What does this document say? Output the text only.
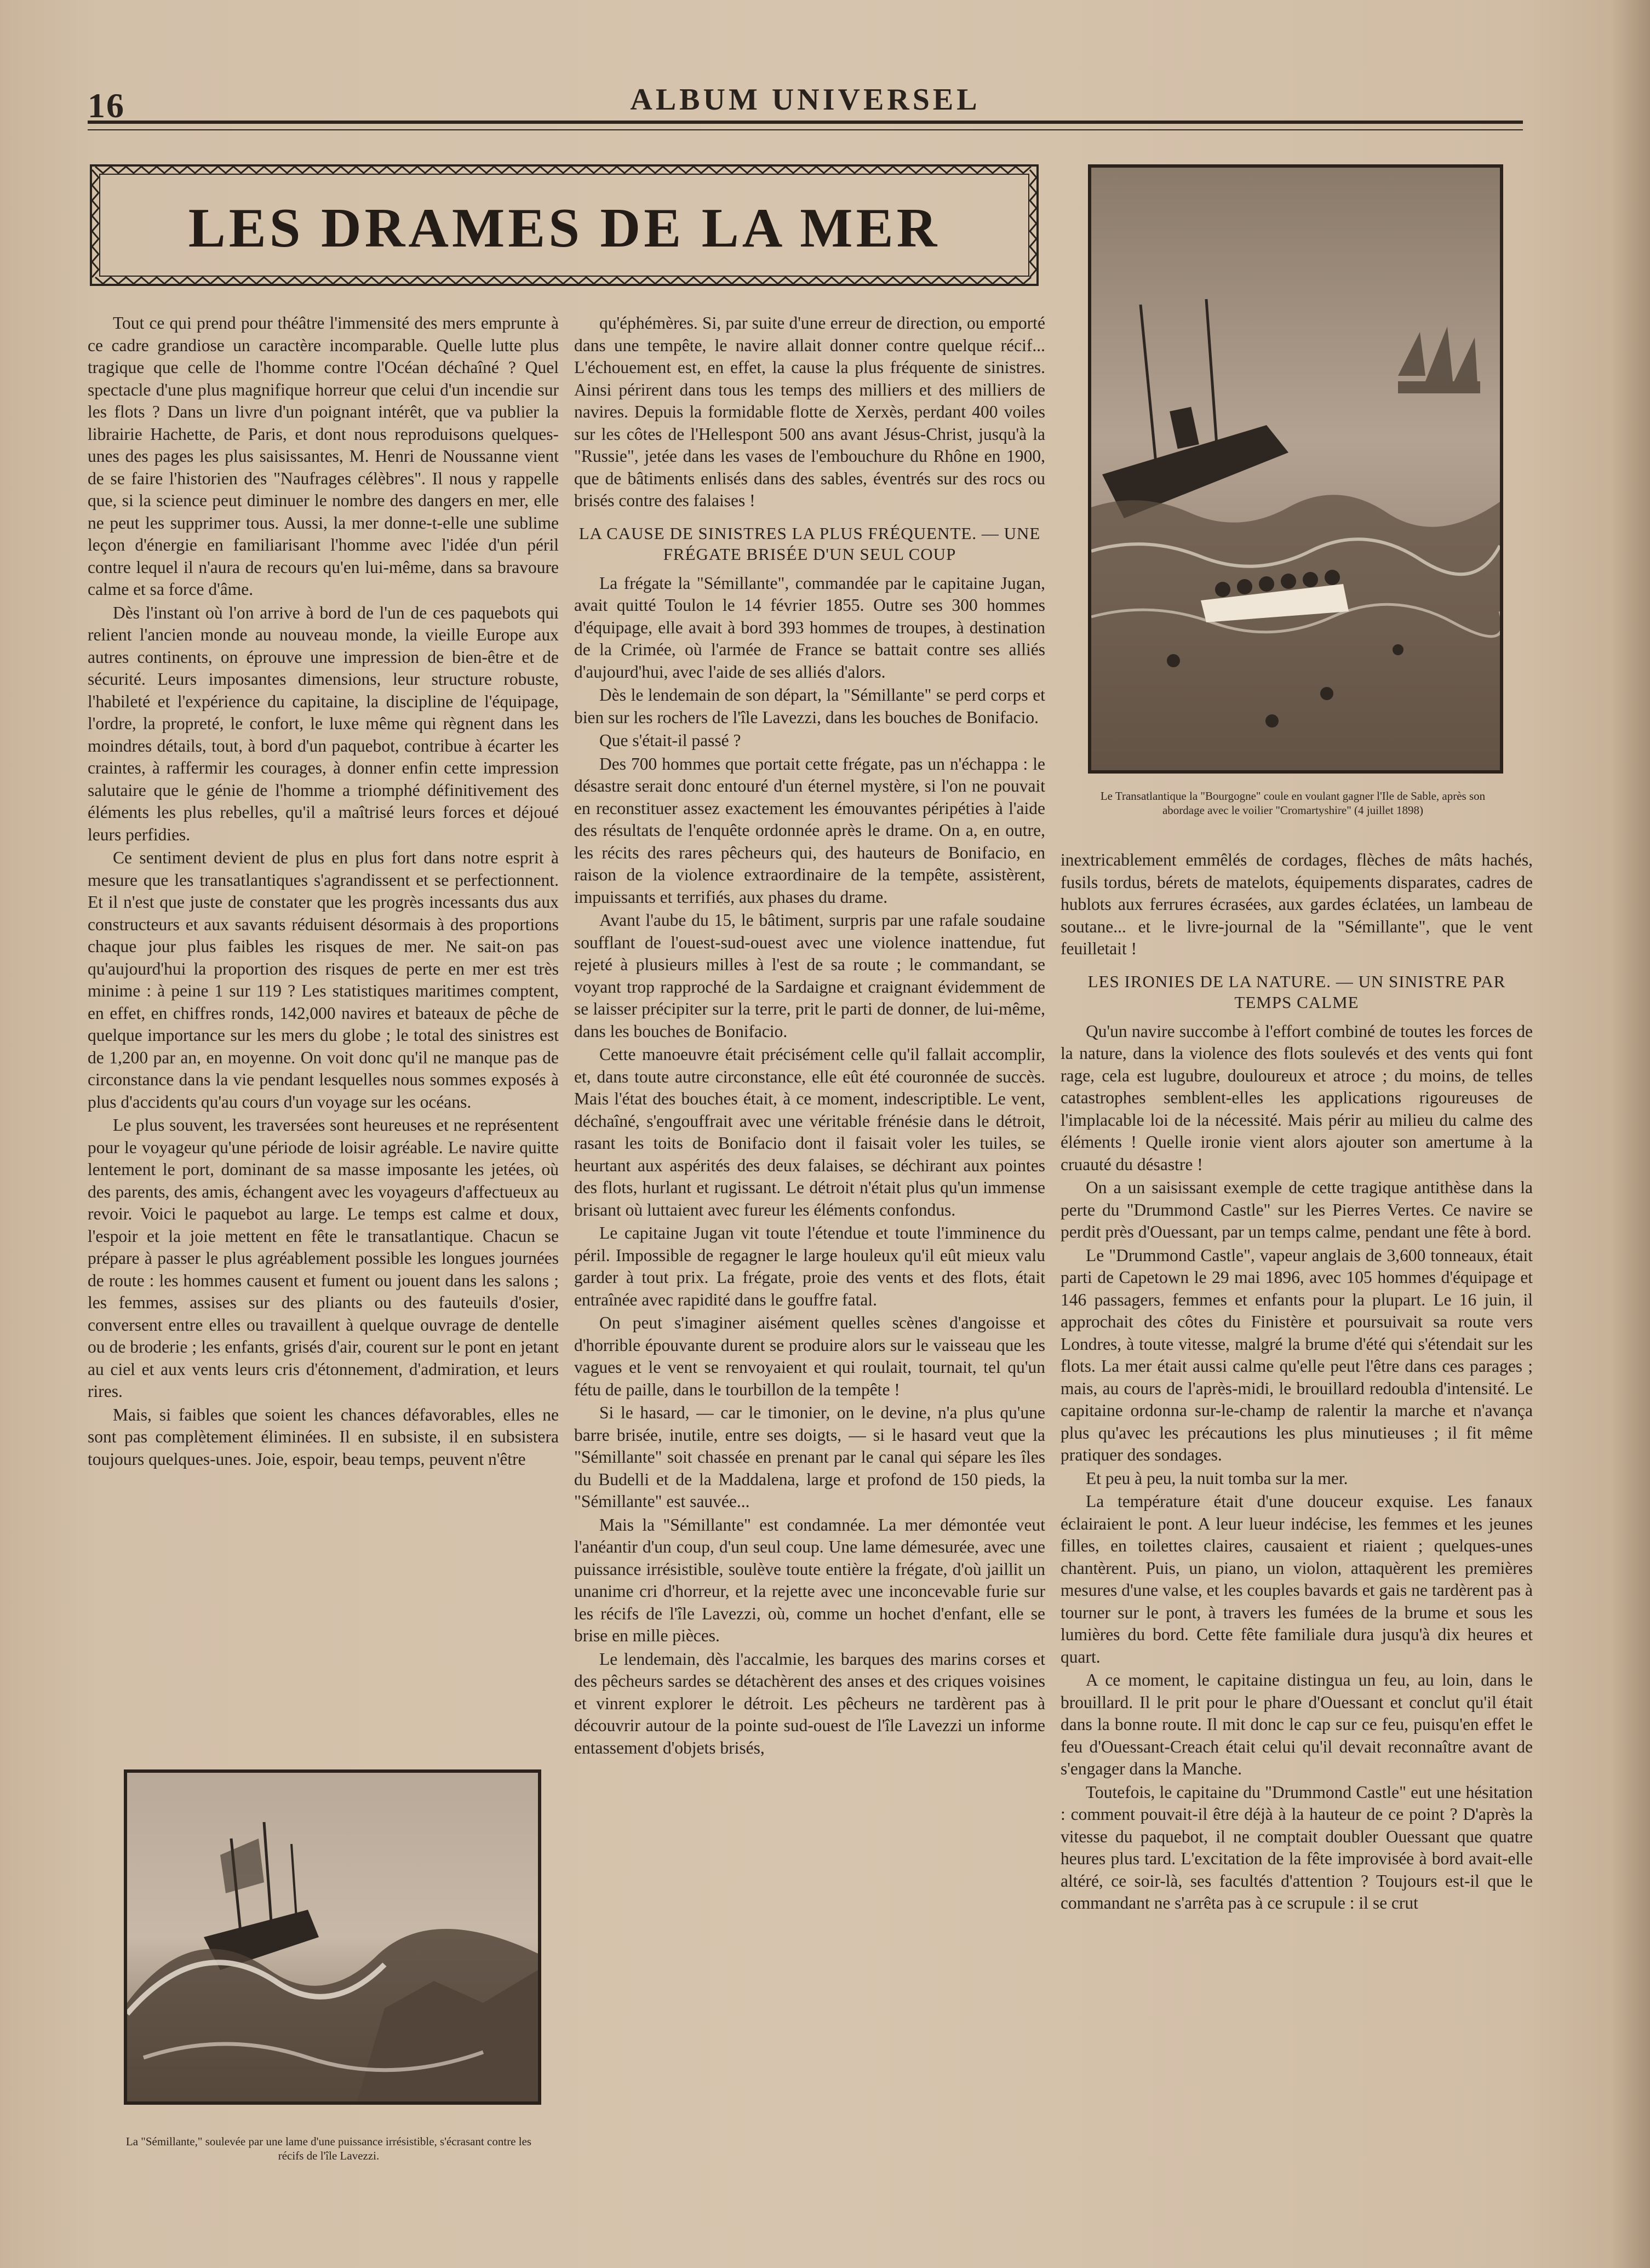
16	ALBUM UNIVERSEL
LES DRAMES DE LA MER

Tout ce qui prend pour théâtre l'immensité des mers emprunte à ce cadre grandiose un caractère incomparable. Quelle lutte plus tragique que celle de l'homme contre l'Océan déchaîné ? Quel spectacle d'une plus magnifique horreur que celui d'un incendie sur les flots ? Dans un livre d'un poignant intérêt, que va publier la librairie Hachette, de Paris, et dont nous reproduisons quelques-unes des pages les plus saisissantes, M. Henri de Noussanne vient de se faire l'historien des "Naufrages célèbres". Il nous y rappelle que, si la science peut diminuer le nombre des dangers en mer, elle ne peut les supprimer tous. Aussi, la mer donne-t-elle une sublime leçon d'énergie en familiarisant l'homme avec l'idée d'un péril contre lequel il n'aura de recours qu'en lui-même, dans sa bravoure calme et sa force d'âme.

Dès l'instant où l'on arrive à bord de l'un de ces paquebots qui relient l'ancien monde au nouveau monde, la vieille Europe aux autres continents, on éprouve une impression de bien-être et de sécurité. Leurs imposantes dimensions, leur structure robuste, l'habileté et l'expérience du capitaine, la discipline de l'équipage, l'ordre, la propreté, le confort, le luxe même qui règnent dans les moindres détails, tout, à bord d'un paquebot, contribue à écarter les craintes, à raffermir les courages, à donner enfin cette impression salutaire que le génie de l'homme a triomphé définitivement des éléments les plus rebelles, qu'il a maîtrisé leurs forces et déjoué leurs perfidies.

Ce sentiment devient de plus en plus fort dans notre esprit à mesure que les transatlantiques s'agrandissent et se perfectionnent. Et il n'est que juste de constater que les progrès incessants dus aux constructeurs et aux savants réduisent désormais à des proportions chaque jour plus faibles les risques de mer. Ne sait-on pas qu'aujourd'hui la proportion des risques de perte en mer est très minime : à peine 1 sur 119 ? Les statistiques maritimes comptent, en effet, en chiffres ronds, 142,000 navires et bateaux de pêche de quelque importance sur les mers du globe ; le total des sinistres est de 1,200 par an, en moyenne. On voit donc qu'il ne manque pas de circonstance dans la vie pendant lesquelles nous sommes exposés à plus d'accidents qu'au cours d'un voyage sur les océans.

Le plus souvent, les traversées sont heureuses et ne représentent pour le voyageur qu'une période de loisir agréable. Le navire quitte lentement le port, dominant de sa masse imposante les jetées, où des parents, des amis, échangent avec les voyageurs d'affectueux au revoir. Voici le paquebot au large. Le temps est calme et doux, l'espoir et la joie mettent en fête le transatlantique. Chacun se prépare à passer le plus agréablement possible les longues journées de route : les hommes causent et fument ou jouent dans les salons ; les femmes, assises sur des pliants ou des fauteuils d'osier, conversent entre elles ou travaillent à quelque ouvrage de dentelle ou de broderie ; les enfants, grisés d'air, courent sur le pont en jetant au ciel et aux vents leurs cris d'étonnement, d'admiration, et leurs rires.

Mais, si faibles que soient les chances défavorables, elles ne sont pas complètement éliminées. Il en subsiste, il en subsistera toujours quelques-unes. Joie, espoir, beau temps, peuvent n'être

qu'éphémères. Si, par suite d'une erreur de direction, ou emporté dans une tempête, le navire allait donner contre quelque récif... L'échouement est, en effet, la cause la plus fréquente de sinistres. Ainsi périrent dans tous les temps des milliers et des milliers de navires. Depuis la formidable flotte de Xerxès, perdant 400 voiles sur les côtes de l'Hellespont 500 ans avant Jésus-Christ, jusqu'à la "Russie", jetée dans les vases de l'embouchure du Rhône en 1900, que de bâtiments enlisés dans des sables, éventrés sur des rocs ou brisés contre des falaises !

LA CAUSE DE SINISTRES LA PLUS FRÉQUENTE. — UNE FRÉGATE BRISÉE D'UN SEUL COUP

La frégate la "Sémillante", commandée par le capitaine Jugan, avait quitté Toulon le 14 février 1855. Outre ses 300 hommes d'équipage, elle avait à bord 393 hommes de troupes, à destination de la Crimée, où l'armée de France se battait contre ses alliés d'aujourd'hui, avec l'aide de ses alliés d'alors.

Dès le lendemain de son départ, la "Sémillante" se perd corps et bien sur les rochers de l'île Lavezzi, dans les bouches de Bonifacio.

Que s'était-il passé ?

Des 700 hommes que portait cette frégate, pas un n'échappa : le désastre serait donc entouré d'un éternel mystère, si l'on ne pouvait en reconstituer assez exactement les émouvantes péripéties à l'aide des résultats de l'enquête ordonnée après le drame. On a, en outre, les récits des rares pêcheurs qui, des hauteurs de Bonifacio, en raison de la violence extraordinaire de la tempête, assistèrent, impuissants et terrifiés, aux phases du drame.

Avant l'aube du 15, le bâtiment, surpris par une rafale soudaine soufflant de l'ouest-sud-ouest avec une violence inattendue, fut rejeté à plusieurs milles à l'est de sa route ; le commandant, se voyant trop rapproché de la Sardaigne et craignant évidemment de se laisser précipiter sur la terre, prit le parti de donner, de lui-même, dans les bouches de Bonifacio.

Cette manoeuvre était précisément celle qu'il fallait accomplir, et, dans toute autre circonstance, elle eût été couronnée de succès. Mais l'état des bouches était, à ce moment, indescriptible. Le vent, déchaîné, s'engouffrait avec une véritable frénésie dans le détroit, rasant les toits de Bonifacio dont il faisait voler les tuiles, se heurtant aux aspérités des deux falaises, se déchirant aux pointes des flots, hurlant et rugissant. Le détroit n'était plus qu'un immense brisant où luttaient avec fureur les éléments confondus.

Le capitaine Jugan vit toute l'étendue et toute l'imminence du péril. Impossible de regagner le large houleux qu'il eût mieux valu garder à tout prix. La frégate, proie des vents et des flots, était entraînée avec rapidité dans le gouffre fatal.

On peut s'imaginer aisément quelles scènes d'angoisse et d'horrible épouvante durent se produire alors sur le vaisseau que les vagues et le vent se renvoyaient et qui roulait, tournait, tel qu'un fétu de paille, dans le tourbillon de la tempête !

Si le hasard, — car le timonier, on le devine, n'a plus qu'une barre brisée, inutile, entre ses doigts, — si le hasard veut que la "Sémillante" soit chassée en prenant par le canal qui sépare les îles du Budelli et de la Maddalena, large et profond de 150 pieds, la "Sémillante" est sauvée...

Mais la "Sémillante" est condamnée. La mer démontée veut l'anéantir d'un coup, d'un seul coup. Une lame démesurée, avec une puissance irrésistible, soulève toute entière la frégate, d'où jaillit un unanime cri d'horreur, et la rejette avec une inconcevable furie sur les récifs de l'île Lavezzi, où, comme un hochet d'enfant, elle se brise en mille pièces.

Le lendemain, dès l'accalmie, les barques des marins corses et des pêcheurs sardes se détachèrent des anses et des criques voisines et vinrent explorer le détroit. Les pêcheurs ne tardèrent pas à découvrir autour de la pointe sud-ouest de l'île Lavezzi un informe entassement d'objets brisés,

inextricablement emmêlés de cordages, flèches de mâts hachés, fusils tordus, bérets de matelots, équipements disparates, cadres de hublots aux ferrures écrasées, aux gardes éclatées, un lambeau de soutane... et le livre-journal de la "Sémillante", que le vent feuilletait !

LES IRONIES DE LA NATURE. — UN SINISTRE PAR TEMPS CALME

Qu'un navire succombe à l'effort combiné de toutes les forces de la nature, dans la violence des flots soulevés et des vents qui font rage, cela est lugubre, douloureux et atroce ; du moins, de telles catastrophes semblent-elles les applications rigoureuses de l'implacable loi de la nécessité. Mais périr au milieu du calme des éléments ! Quelle ironie vient alors ajouter son amertume à la cruauté du désastre !

On a un saisissant exemple de cette tragique antithèse dans la perte du "Drummond Castle" sur les Pierres Vertes. Ce navire se perdit près d'Ouessant, par un temps calme, pendant une fête à bord.

Le "Drummond Castle", vapeur anglais de 3,600 tonneaux, était parti de Capetown le 29 mai 1896, avec 105 hommes d'équipage et 146 passagers, femmes et enfants pour la plupart. Le 16 juin, il approchait des côtes du Finistère et poursuivait sa route vers Londres, à toute vitesse, malgré la brume d'été qui s'étendait sur les flots. La mer était aussi calme qu'elle peut l'être dans ces parages ; mais, au cours de l'après-midi, le brouillard redoubla d'intensité. Le capitaine ordonna sur-le-champ de ralentir la marche et n'avança plus qu'avec les précautions les plus minutieuses ; il fit même pratiquer des sondages.

Et peu à peu, la nuit tomba sur la mer.

La température était d'une douceur exquise. Les fanaux éclairaient le pont. A leur lueur indécise, les femmes et les jeunes filles, en toilettes claires, causaient et riaient ; quelques-unes chantèrent. Puis, un piano, un violon, attaquèrent les premières mesures d'une valse, et les couples bavards et gais ne tardèrent pas à tourner sur le pont, à travers les fumées de la brume et sous les lumières du bord. Cette fête familiale dura jusqu'à dix heures et quart.

A ce moment, le capitaine distingua un feu, au loin, dans le brouillard. Il le prit pour le phare d'Ouessant et conclut qu'il était dans la bonne route. Il mit donc le cap sur ce feu, puisqu'en effet le feu d'Ouessant-Creach était celui qu'il devait reconnaître avant de s'engager dans la Manche.

Toutefois, le capitaine du "Drummond Castle" eut une hésitation : comment pouvait-il être déjà à la hauteur de ce point ? D'après la vitesse du paquebot, il ne comptait doubler Ouessant que quatre heures plus tard. L'excitation de la fête improvisée à bord avait-elle altéré, ce soir-là, ses facultés d'attention ? Toujours est-il que le commandant ne s'arrêta pas à ce scrupule : il se crut

Le Transatlantique la "Bourgogne" coule en voulant gagner l'Ile de Sable, après son abordage avec le voilier "Cromartyshire" (4 juillet 1898)
La "Sémillante," soulevée par une lame d'une puissance irrésistible, s'écrasant contre les récifs de l'île Lavezzi.
